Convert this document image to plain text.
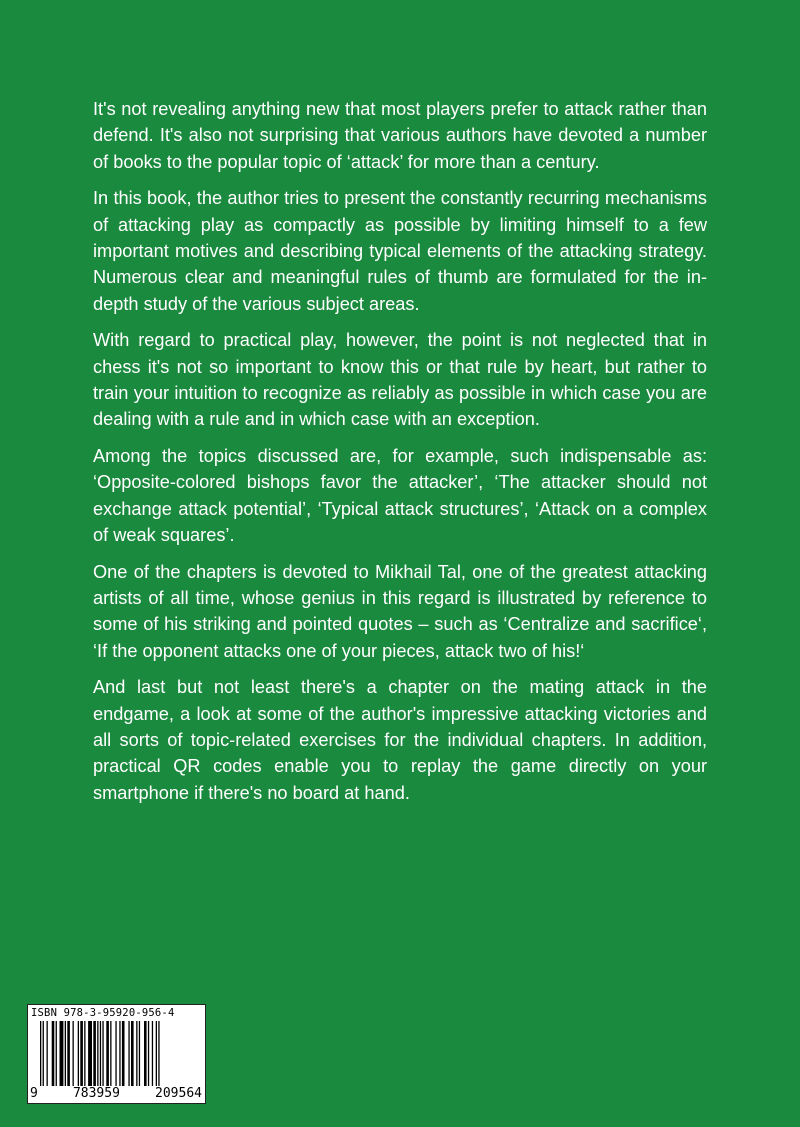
It's not revealing anything new that most players prefer to attack rather than defend. It's also not surprising that various authors have devoted a number of books to the popular topic of ‘attack’ for more than a century.

In this book, the author tries to present the constantly recurring mechanisms of attacking play as compactly as possible by limiting himself to a few important motives and describing typical elements of the attacking strategy. Numerous clear and meaningful rules of thumb are formulated for the in-depth study of the various subject areas.

With regard to practical play, however, the point is not neglected that in chess it's not so important to know this or that rule by heart, but rather to train your intuition to recognize as reliably as possible in which case you are dealing with a rule and in which case with an exception.

Among the topics discussed are, for example, such indispensable as: ‘Opposite-colored bishops favor the attacker’, ‘The attacker should not exchange attack potential’, ‘Typical attack structures’, ‘Attack on a complex of weak squares’.

One of the chapters is devoted to Mikhail Tal, one of the greatest attacking artists of all time, whose genius in this regard is illustrated by reference to some of his striking and pointed quotes – such as ‘Centralize and sacrifice‘, ‘If the opponent attacks one of your pieces, attack two of his!‘

And last but not least there's a chapter on the mating attack in the endgame, a look at some of the author's impressive attacking victories and all sorts of topic-related exercises for the individual chapters. In addition, practical QR codes enable you to replay the game directly on your smartphone if there's no board at hand.

ISBN 978-3-95920-956-4
9	783959	209564
